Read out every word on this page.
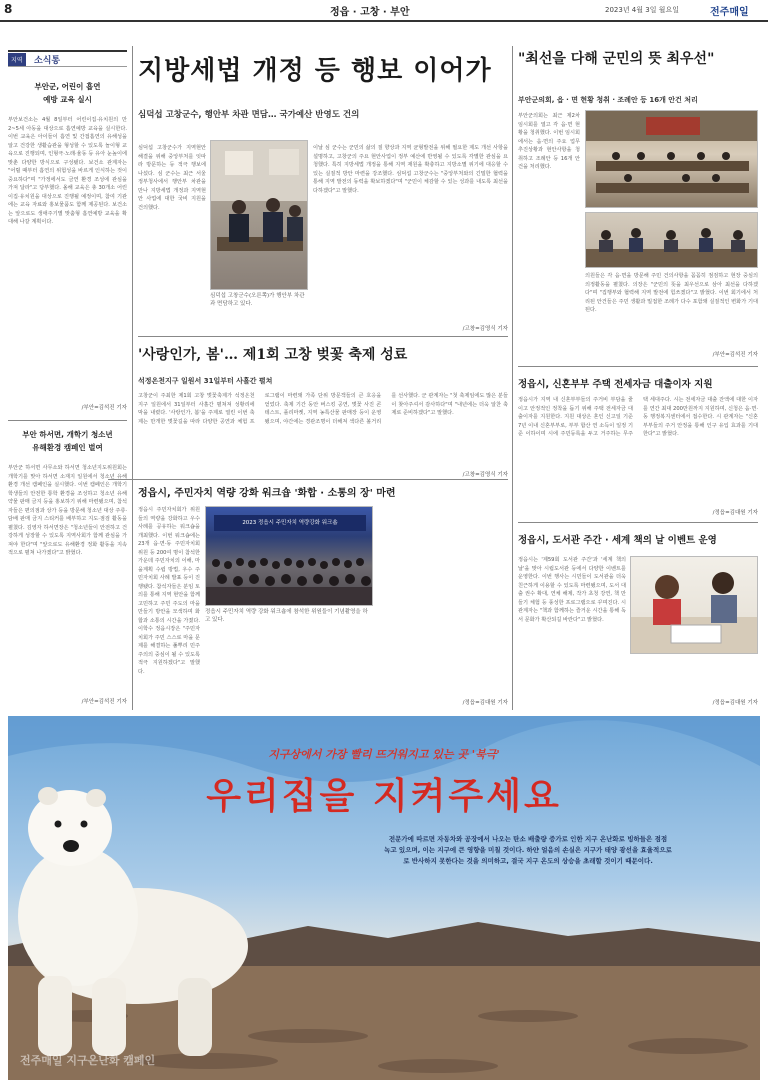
8	정읍 · 고창 · 부안	2023년 4월 3일 월요일	전주매일
지역	소식통
부안군, 어린이 흡연
예방 교육 실시
부안보건소는 4월 8일부터 어린이집·유치원의 만 2~5세 아동을 대상으로 흡연예방 교육을 실시한다. 이번 교육은 아이들이 흡연 및 간접흡연의 유해성을 알고 건강한 생활습관을 형성할 수 있도록 놀이형 교육으로 진행되며, 인형극·노래·율동 등 유아 눈높이에 맞춘 다양한 방식으로 구성됐다. 보건소 관계자는 "어릴 때부터 흡연의 위험성을 바르게 인식하는 것이 중요하다"며 "가정에서도 금연 환경 조성에 관심을 가져 달라"고 당부했다. 올해 교육은 총 30개소 어린이집·유치원을 대상으로 진행될 예정이며, 참여 기관에는 교육 자료와 홍보물품도 함께 제공된다. 보건소는 앞으로도 생애주기별 맞춤형 흡연예방 교육을 확대해 나갈 계획이다.
/부안=김석진 기자
부안 하서면, 개학기 청소년
유해환경 캠페인 벌여
부안군 하서면 사무소와 하서면 청소년지도위원회는 개학기를 맞아 하서면 소재지 일원에서 청소년 유해환경 개선 캠페인을 실시했다. 이번 캠페인은 개학기 학생들의 안전한 통학 환경을 조성하고 청소년 유해약물 판매 금지 등을 홍보하기 위해 마련됐으며, 참석자들은 편의점과 상가 등을 방문해 청소년 대상 주류·담배 판매 금지 스티커를 배부하고 지도·점검 활동을 펼쳤다. 김영자 하서면장은 "청소년들이 안전하고 건강하게 성장할 수 있도록 지역사회가 함께 관심을 가져야 한다"며 "앞으로도 유해환경 정화 활동을 지속적으로 펼쳐 나가겠다"고 밝혔다.
/부안=김석진 기자
지방세법 개정 등 행보 이어가
심덕섭 고창군수, 행안부 차관 면담… 국가예산 반영도 건의
심덕섭 고창군수가 지역현안 해결을 위해 중앙부처를 잇따라 방문하는 등 적극 행보에 나섰다. 심 군수는 최근 서울 정부청사에서 행안부 차관을 만나 지방세법 개정과 지역현안 사업에 대한 국비 지원을 건의했다.
심덕섭 고창군수(오른쪽)가 행안부 차관과 면담하고 있다.
이날 심 군수는 군민의 삶의 질 향상과 지역 균형발전을 위해 필요한 제도 개선 사항을 설명하고, 고창군의 주요 현안사업이 정부 예산에 반영될 수 있도록 각별한 관심을 요청했다. 특히 지방세법 개정을 통해 지역 재원을 확충하고 지방소멸 위기에 대응할 수 있는 실질적 방안 마련을 강조했다. 심덕섭 고창군수는 "중앙부처와의 긴밀한 협력을 통해 지역 발전의 동력을 확보하겠다"며 "군민이 체감할 수 있는 성과를 내도록 최선을 다하겠다"고 말했다.
/고창=김영식 기자
"최선을 다해 군민의 뜻 최우선"
부안군의회, 읍 · 면 현황 청취 · 조례안 등 16개 안건 처리
부안군의회는 최근 제2차 임시회를 열고 각 읍·면 현황을 청취했다. 이번 임시회에서는 읍·면의 주요 업무 추진상황과 현안사항을 청취하고 조례안 등 16개 안건을 처리했다.
의원들은 각 읍·면을 방문해 주민 건의사항을 꼼꼼히 점검하고 현장 중심의 의정활동을 펼쳤다. 의장은 "군민의 뜻을 최우선으로 삼아 최선을 다하겠다"며 "집행부와 협력해 지역 발전에 힘쓰겠다"고 밝혔다. 이번 회기에서 처리된 안건들은 주민 생활과 밀접한 조례가 다수 포함돼 실질적인 변화가 기대된다.
/부안=김석진 기자
'사랑인가, 봄'… 제1회 고창 벚꽃 축제 성료
석정온천지구 일원서 31일부터 사흘간 펼쳐
고창군이 주최한 제1회 고창 벚꽃축제가 석정온천지구 일원에서 31일부터 사흘간 펼쳐져 성황리에 막을 내렸다. '사랑인가, 봄'을 주제로 열린 이번 축제는 만개한 벚꽃길을 따라 다양한 공연과 체험 프로그램이 마련돼 가족 단위 방문객들의 큰 호응을 얻었다. 축제 기간 동안 버스킹 공연, 벚꽃 사진 콘테스트, 플리마켓, 지역 농특산물 판매장 등이 운영됐으며, 야간에는 경관조명이 더해져 색다른 볼거리를 선사했다. 군 관계자는 "첫 축제임에도 많은 분들이 찾아주셔서 감사하다"며 "내년에는 더욱 알찬 축제로 준비하겠다"고 말했다.
/고창=김영식 기자
정읍시, 신혼부부 주택 전세자금 대출이자 지원
정읍시가 지역 내 신혼부부들의 주거비 부담을 줄이고 안정적인 정착을 돕기 위해 주택 전세자금 대출이자를 지원한다. 지원 대상은 혼인 신고일 기준 7년 이내 신혼부부로, 부부 합산 연 소득이 일정 기준 이하이며 시에 주민등록을 두고 거주하는 무주택 세대주다. 시는 전세자금 대출 잔액에 대한 이자를 연간 최대 200만원까지 지원하며, 신청은 읍·면·동 행정복지센터에서 접수한다. 시 관계자는 "신혼부부들의 주거 안정을 통해 인구 유입 효과를 기대한다"고 밝혔다.
/정읍=김대원 기자
정읍시, 주민자치 역량 강화 워크숍 '화합 · 소통의 장' 마련
정읍시 주민자치회가 위원들의 역량을 강화하고 우수사례를 공유하는 워크숍을 개최했다. 이번 워크숍에는 23개 읍·면·동 주민자치회 위원 등 200여 명이 참석한 가운데 주민자치의 이해, 마을계획 수립 방법, 우수 주민자치회 사례 발표 등이 진행됐다. 참석자들은 분임 토의를 통해 지역 현안을 함께 고민하고 주민 주도의 마을 만들기 방안을 모색하며 화합과 소통의 시간을 가졌다. 이학수 정읍시장은 "주민자치회가 주민 스스로 마을 문제를 해결하는 풀뿌리 민주주의의 중심이 될 수 있도록 적극 지원하겠다"고 말했다.
2023 정읍시 주민자치 역량강화 워크숍
정읍시 주민자치 역량 강화 워크숍에 참석한 위원들이 기념촬영을 하고 있다.
/정읍=김대원 기자
정읍시, 도서관 주간 · 세계 책의 날 이벤트 운영
정읍시는 '제59회 도서관 주간'과 '세계 책의 날'을 맞아 시립도서관 등에서 다양한 이벤트를 운영한다. 이번 행사는 시민들이 도서관을 더욱 친근하게 이용할 수 있도록 마련됐으며, 도서 대출 권수 확대, 연체 해제, 작가 초청 강연, 책 만들기 체험 등 풍성한 프로그램으로 꾸며진다. 시 관계자는 "책과 함께하는 즐거운 시간을 통해 독서 문화가 확산되길 바란다"고 밝혔다.
/정읍=김대원 기자
지구상에서 가장 빨리 뜨거워지고 있는 곳 '북극'
우리집을 지켜주세요
전문가에 따르면 자동차와 공장에서 나오는 탄소 배출량 증가로 인한 지구 온난화로 빙하들은 점점
녹고 있으며, 이는 지구에 큰 영향을 미칠 것이다. 하얀 얼음의 손실은 지구가 태양 광선을 효율적으로
로 반사하지 못한다는 것을 의미하고, 결국 지구 온도의 상승을 초래할 것이기 때문이다.
전주매일 지구온난화 캠페인
